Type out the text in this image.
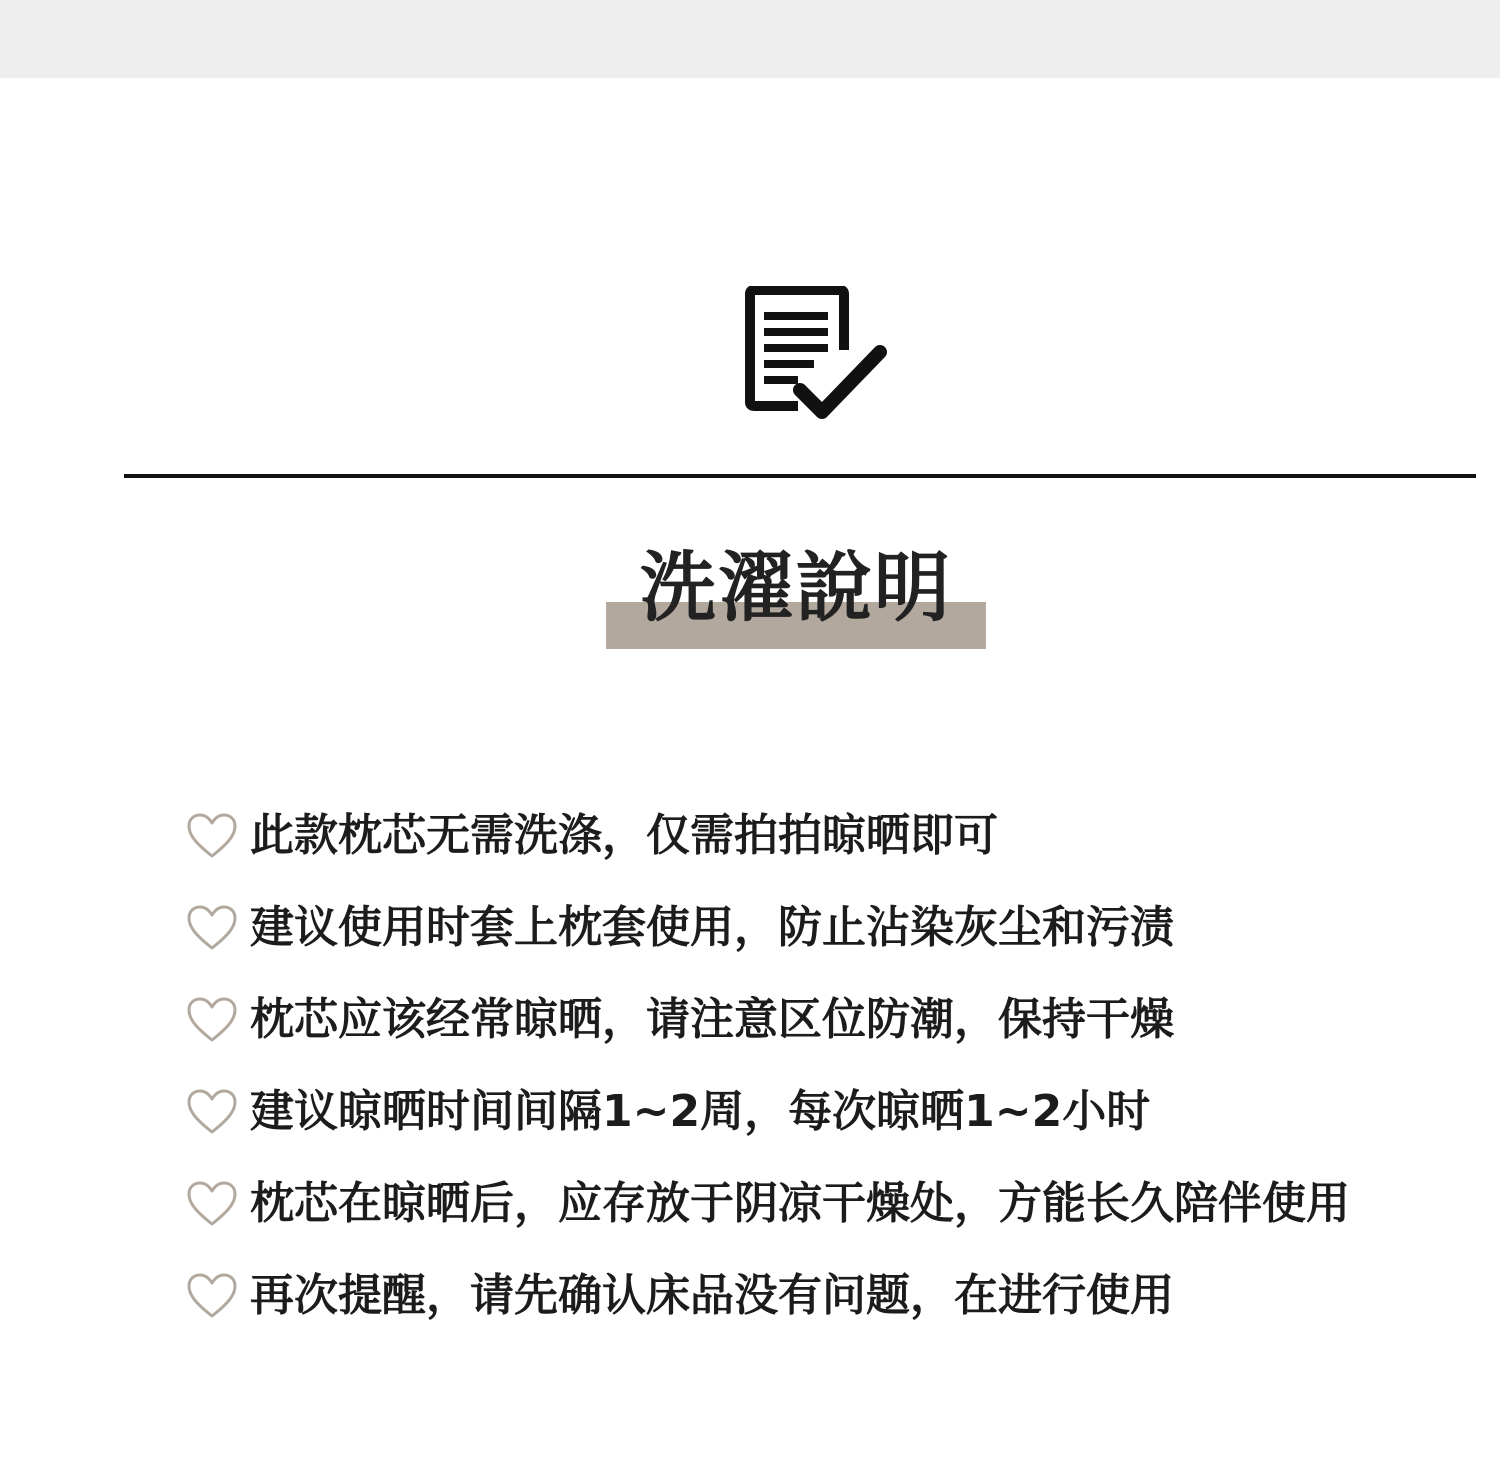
洗濯說明
此款枕芯无需洗涤，仅需拍拍晾晒即可
建议使用时套上枕套使用，防止沾染灰尘和污渍
枕芯应该经常晾晒，请注意区位防潮，保持干燥
建议晾晒时间间隔1~2周，每次晾晒1~2小时
枕芯在晾晒后，应存放于阴凉干燥处，方能长久陪伴使用
再次提醒，请先确认床品没有问题，在进行使用
